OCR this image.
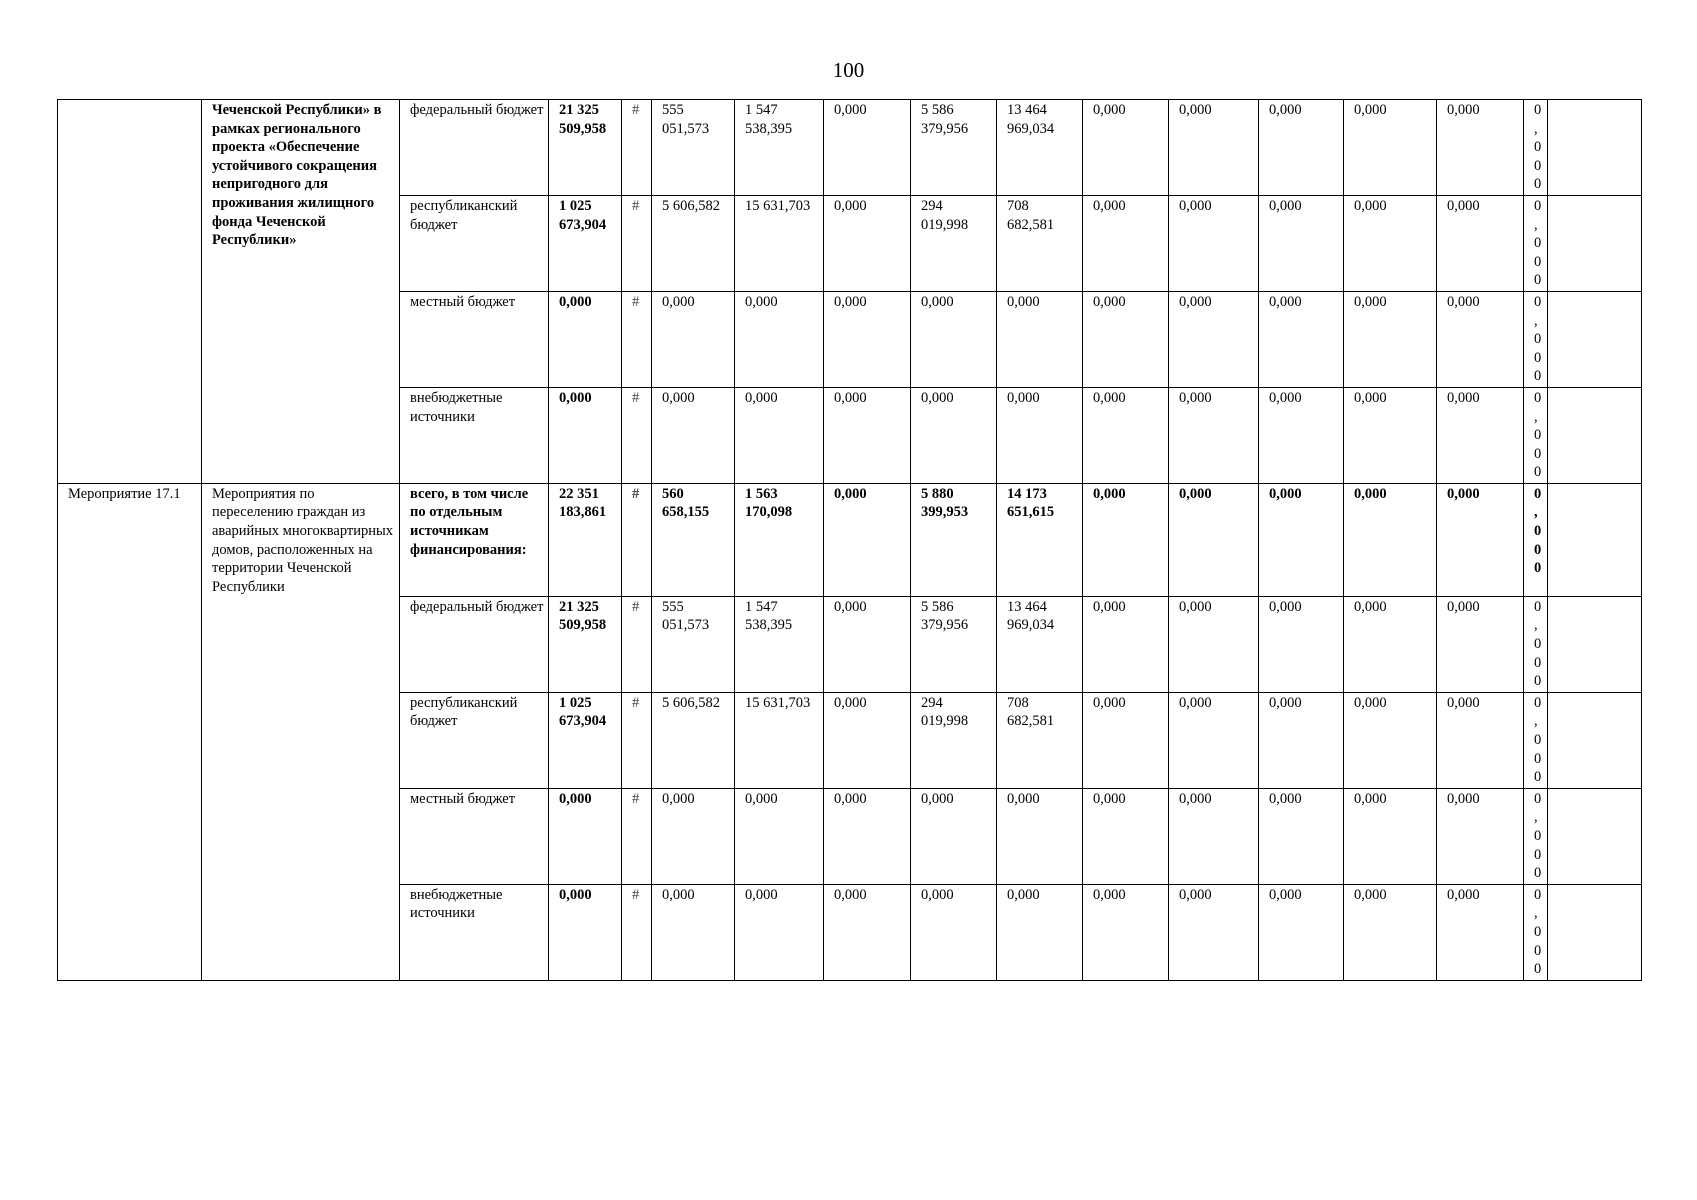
100
	Чеченской Республики» в рамках регионального проекта «Обеспечение устойчивого сокращения непригодного для проживания жилищного фонда Чеченской Республики»	федеральный бюджет	21 325 509,958	#	555 051,573	1 547 538,395	0,000	5 586 379,956	13 464 969,034	0,000	0,000	0,000	0,000	0,000	0,000	
		республиканский бюджет	1 025 673,904	#	5 606,582	15 631,703	0,000	294 019,998	708 682,581	0,000	0,000	0,000	0,000	0,000	0,000	
		местный бюджет	0,000	#	0,000	0,000	0,000	0,000	0,000	0,000	0,000	0,000	0,000	0,000	0,000	
		внебюджетные источники	0,000	#	0,000	0,000	0,000	0,000	0,000	0,000	0,000	0,000	0,000	0,000	0,000	
Мероприятие 17.1	Мероприятия по переселению граждан из аварийных многоквартирных домов, расположенных на территории Чеченской Республики	всего, в том числе по отдельным источникам финансирования:	22 351 183,861	#	560 658,155	1 563 170,098	0,000	5 880 399,953	14 173 651,615	0,000	0,000	0,000	0,000	0,000	0,000	
		федеральный бюджет	21 325 509,958	#	555 051,573	1 547 538,395	0,000	5 586 379,956	13 464 969,034	0,000	0,000	0,000	0,000	0,000	0,000	
		республиканский бюджет	1 025 673,904	#	5 606,582	15 631,703	0,000	294 019,998	708 682,581	0,000	0,000	0,000	0,000	0,000	0,000	
		местный бюджет	0,000	#	0,000	0,000	0,000	0,000	0,000	0,000	0,000	0,000	0,000	0,000	0,000	
		внебюджетные источники	0,000	#	0,000	0,000	0,000	0,000	0,000	0,000	0,000	0,000	0,000	0,000	0,000	
